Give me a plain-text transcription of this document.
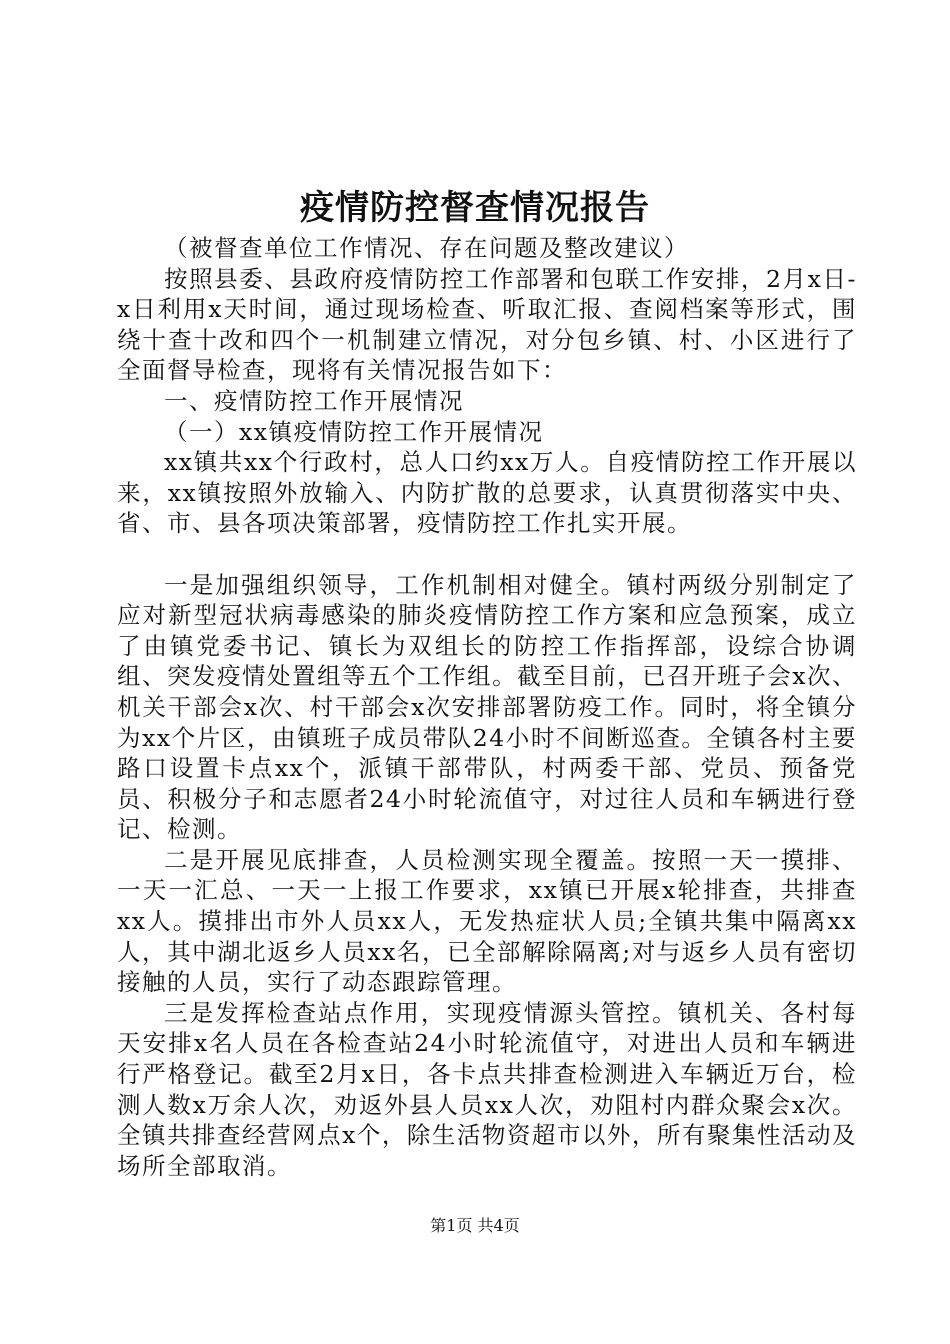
疫情防控督查情况报告

（被督查单位工作情况、存在问题及整改建议）

按照县委、县政府疫情防控工作部署和包联工作安排，2月x日-x日利用x天时间，通过现场检查、听取汇报、查阅档案等形式，围绕十查十改和四个一机制建立情况，对分包乡镇、村、小区进行了全面督导检查，现将有关情况报告如下：

一、疫情防控工作开展情况

（一）xx镇疫情防控工作开展情况

xx镇共xx个行政村，总人口约xx万人。自疫情防控工作开展以来，xx镇按照外放输入、内防扩散的总要求，认真贯彻落实中央、省、市、县各项决策部署，疫情防控工作扎实开展。

一是加强组织领导，工作机制相对健全。镇村两级分别制定了应对新型冠状病毒感染的肺炎疫情防控工作方案和应急预案，成立了由镇党委书记、镇长为双组长的防控工作指挥部，设综合协调组、突发疫情处置组等五个工作组。截至目前，已召开班子会x次、机关干部会x次、村干部会x次安排部署防疫工作。同时，将全镇分为xx个片区，由镇班子成员带队24小时不间断巡查。全镇各村主要路口设置卡点xx个，派镇干部带队，村两委干部、党员、预备党员、积极分子和志愿者24小时轮流值守，对过往人员和车辆进行登记、检测。

二是开展见底排查，人员检测实现全覆盖。按照一天一摸排、一天一汇总、一天一上报工作要求，xx镇已开展x轮排查，共排查xx人。摸排出市外人员xx人，无发热症状人员;全镇共集中隔离xx人，其中湖北返乡人员xx名，已全部解除隔离;对与返乡人员有密切接触的人员，实行了动态跟踪管理。

三是发挥检查站点作用，实现疫情源头管控。镇机关、各村每天安排x名人员在各检查站24小时轮流值守，对进出人员和车辆进行严格登记。截至2月x日，各卡点共排查检测进入车辆近万台，检测人数x万余人次，劝返外县人员xx人次，劝阻村内群众聚会x次。全镇共排查经营网点x个，除生活物资超市以外，所有聚集性活动及场所全部取消。

第1页 共4页
